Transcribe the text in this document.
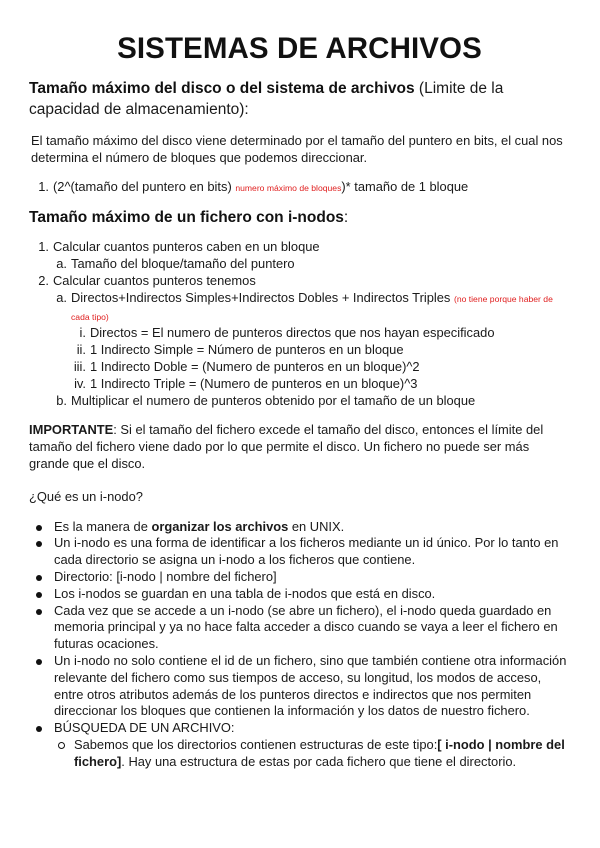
SISTEMAS DE ARCHIVOS
Tamaño máximo del disco o del sistema de archivos (Limite de la capacidad de almacenamiento):

El tamaño máximo del disco viene determinado por el tamaño del puntero en bits, el cual nos determina el número de bloques que podemos direccionar.

1. (2^(tamaño del puntero en bits) numero máximo de bloques)* tamaño de 1 bloque
Tamaño máximo de un fichero con i-nodos:
1. Calcular cuantos punteros caben en un bloque
a. Tamaño del bloque/tamaño del puntero
2. Calcular cuantos punteros tenemos
a. Directos+Indirectos Simples+Indirectos Dobles + Indirectos Triples (no tiene porque haber de cada tipo)
i. Directos = El numero de punteros directos que nos hayan especificado
ii. 1 Indirecto Simple = Número de punteros en un bloque
iii. 1 Indirecto Doble = (Numero de punteros en un bloque)^2
iv. 1 Indirecto Triple = (Numero de punteros en un bloque)^3
b. Multiplicar el numero de punteros obtenido por el tamaño de un bloque

IMPORTANTE: Si el tamaño del fichero excede el tamaño del disco, entonces el límite del tamaño del fichero viene dado por lo que permite el disco. Un fichero no puede ser más grande que el disco.

¿Qué es un i-nodo?

Es la manera de organizar los archivos en UNIX.
Un i-nodo es una forma de identificar a los ficheros mediante un id único. Por lo tanto en cada directorio se asigna un i-nodo a los ficheros que contiene.
Directorio: [i-nodo | nombre del fichero]
Los i-nodos se guardan en una tabla de i-nodos que está en disco.
Cada vez que se accede a un i-nodo (se abre un fichero), el i-nodo queda guardado en memoria principal y ya no hace falta acceder a disco cuando se vaya a leer el fichero en futuras ocaciones.
Un i-nodo no solo contiene el id de un fichero, sino que también contiene otra información relevante del fichero como sus tiempos de acceso, su longitud, los modos de acceso, entre otros atributos además de los punteros directos e indirectos que nos permiten direccionar los bloques que contienen la información y los datos de nuestro fichero.
BÚSQUEDA DE UN ARCHIVO:
Sabemos que los directorios contienen estructuras de este tipo:[ i-nodo | nombre del fichero]. Hay una estructura de estas por cada fichero que tiene el directorio.
